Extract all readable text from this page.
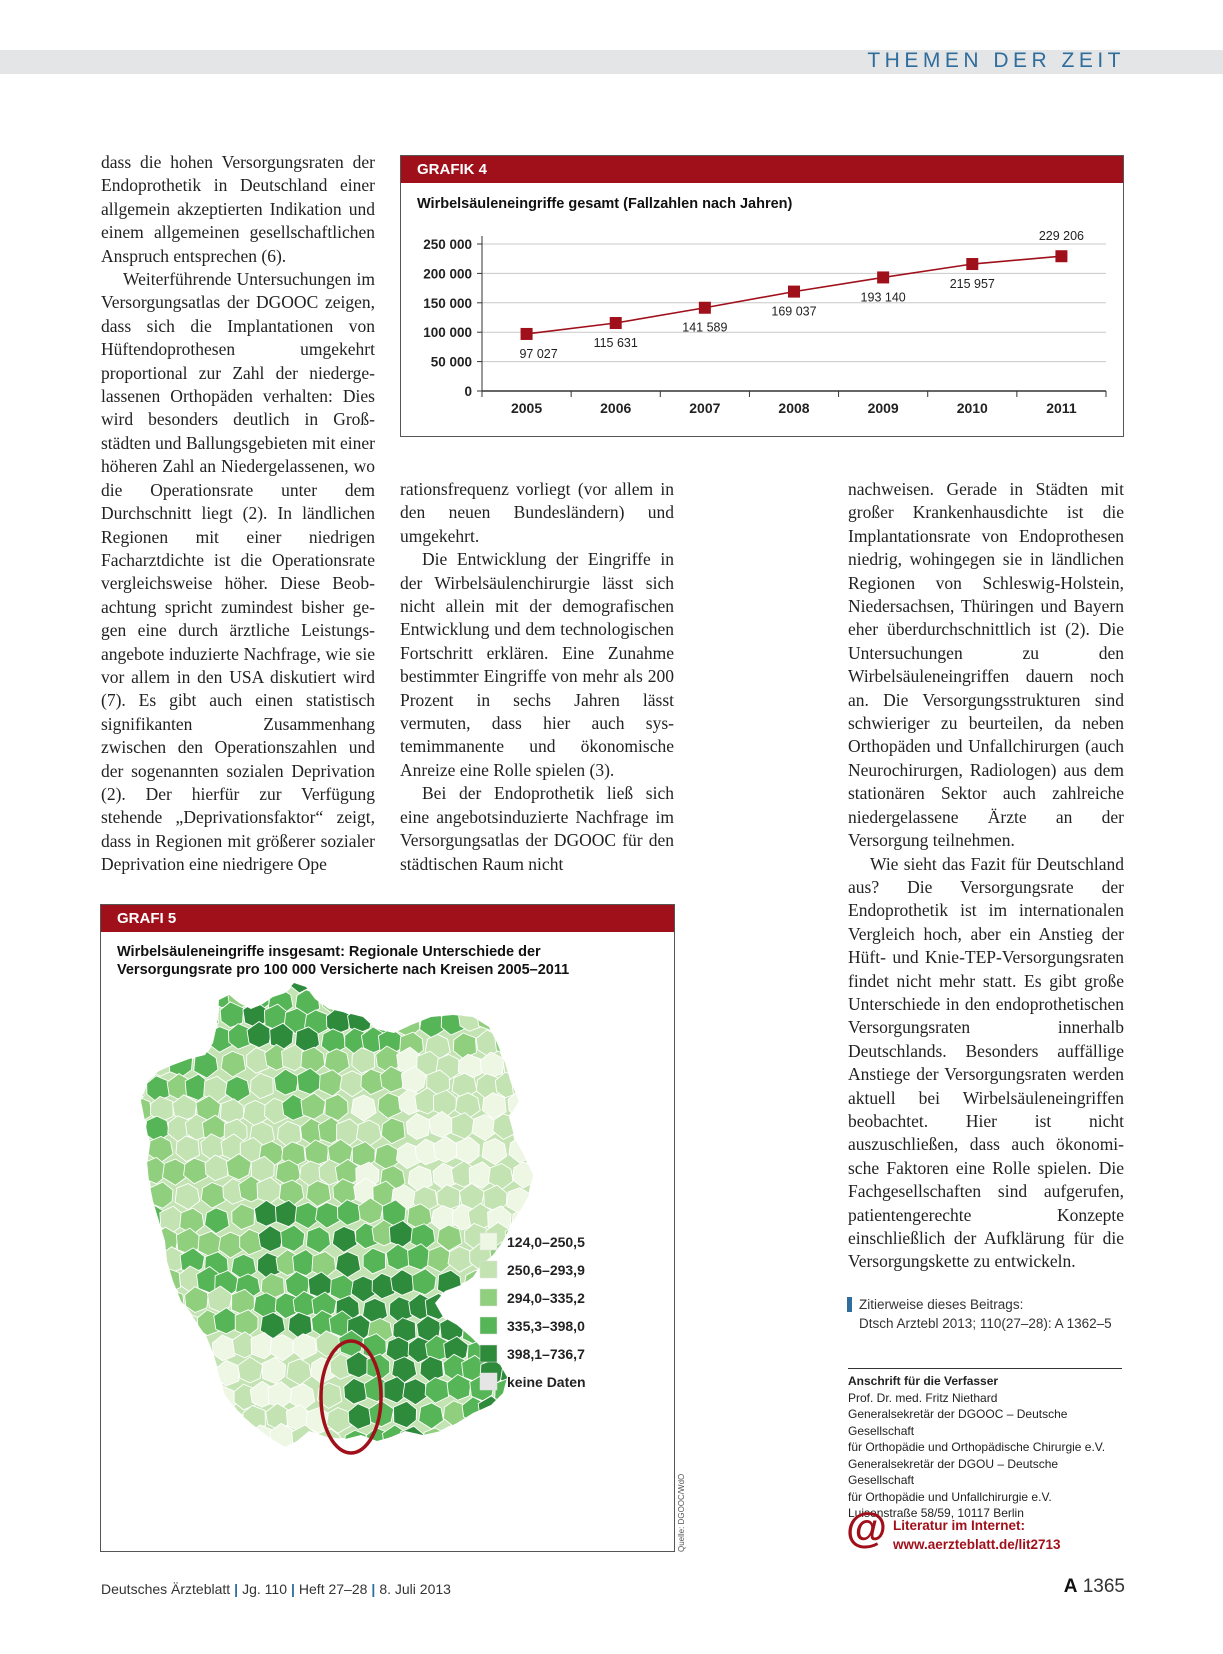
THEMEN DER ZEIT

dass die hohen Versorgungsraten der Endoprothetik in Deutschland einer allgemein akzeptierten Indikation und einem allgemeinen gesellschaftlichen Anspruch entsprechen (6).

Weiterführende Untersuchungen im Versorgungsatlas der DGOOC zeigen, dass sich die Implantationen von Hüftendoprothesen umgekehrt proportional zur Zahl der niedergelassenen Orthopäden verhalten: Dies wird besonders deutlich in Großstädten und Ballungsgebieten mit einer höheren Zahl an Niedergelassenen, wo die Operationsrate unter dem Durchschnitt liegt (2). In ländlichen Regionen mit einer niedrigen Facharztdichte ist die Operationsrate vergleichsweise höher. Diese Beobachtung spricht zumindest bisher gegen eine durch ärztliche Leistungsangebote induzierte Nachfrage, wie sie vor allem in den USA diskutiert wird (7). Es gibt auch einen statistisch signifikanten Zusammenhang zwischen den Operationszahlen und der sogenannten sozialen Deprivation (2). Der hierfür zur Verfügung stehende „Deprivationsfaktor“ zeigt, dass in Regionen mit größerer sozialer Deprivation eine niedrigere Ope

GRAFIK 4
Wirbelsäuleneingriffe gesamt (Fallzahlen nach Jahren)
0
50 000
100 000
150 000
200 000
250 000
2005	2006	2007	2008	2009	2010	2011
97 027
115 631
141 589
169 037
193 140
215 957
229 206

rationsfrequenz vorliegt (vor allem in den neuen Bundesländern) und umgekehrt.

Die Entwicklung der Eingriffe in der Wirbelsäulenchirurgie lässt sich nicht allein mit der demografischen Entwicklung und dem technologischen Fortschritt erklären. Eine Zunahme bestimmter Eingriffe von mehr als 200 Prozent in sechs Jahren lässt vermuten, dass hier auch systemimmanente und ökonomische Anreize eine Rolle spielen (3).

Bei der Endoprothetik ließ sich eine angebotsinduzierte Nachfrage im Versorgungsatlas der DGOOC für den städtischen Raum nicht

nachweisen. Gerade in Städten mit großer Krankenhausdichte ist die Implantationsrate von Endoprothesen niedrig, wohingegen sie in ländlichen Regionen von Schleswig-Holstein, Niedersachsen, Thüringen und Bayern eher überdurchschnittlich ist (2). Die Untersuchungen zu den Wirbelsäuleneingriffen dauern noch an. Die Versorgungsstrukturen sind schwieriger zu beurteilen, da neben Orthopäden und Unfallchirurgen (auch Neurochirurgen, Radiologen) aus dem stationären Sektor auch zahlreiche niedergelassene Ärzte an der Versorgung teilnehmen.

Wie sieht das Fazit für Deutschland aus? Die Versorgungsrate der Endoprothetik ist im internationalen Vergleich hoch, aber ein Anstieg der Hüft- und Knie-TEP-Versorgungsraten findet nicht mehr statt. Es gibt große Unterschiede in den endoprothetischen Versorgungsraten innerhalb Deutschlands. Besonders auffällige Anstiege der Versorgungsraten werden aktuell bei Wirbelsäuleneingriffen beobachtet. Hier ist nicht auszuschließen, dass auch ökonomische Faktoren eine Rolle spielen. Die Fachgesellschaften sind aufgerufen, patientengerechte Konzepte einschließlich der Aufklärung für die Versorgungskette zu entwickeln.

GRAFI 5
Wirbelsäuleneingriffe insgesamt: Regionale Unterschiede der Versorgungsrate pro 100 000 Versicherte nach Kreisen 2005–2011
124,0–250,5
250,6–293,9
294,0–335,2
335,3–398,0
398,1–736,7
keine Daten
Quelle: DGOOC/WdO
Zitierweise dieses Beitrags:
Dtsch Arztebl 2013; 110(27–28): A 1362–5
Anschrift für die Verfasser
Prof. Dr. med. Fritz Niethard
Generalsekretär der DGOOC – Deutsche Gesellschaft
für Orthopädie und Orthopädische Chirurgie e.V.
Generalsekretär der DGOU – Deutsche Gesellschaft
für Orthopädie und Unfallchirurgie e.V.
Luisenstraße 58/59, 10117 Berlin
@ Literatur im Internet:
www.aerzteblatt.de/lit2713
Deutsches Ärzteblatt | Jg. 110 | Heft 27–28 | 8. Juli 2013	A 1365
